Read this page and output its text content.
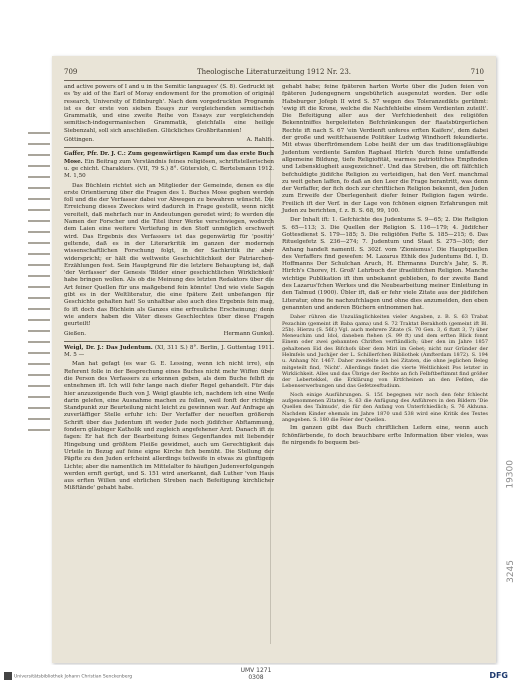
709	Theologische Literaturzeitung 1912 Nr. 23.	710

and active powers of I and u in the Semitic languages' (S. 8). Gedruckt ist es 'by aid of the Earl of Moray endowment for the promotion of original research, University of Edinburgh'. Nach dem vorgedruckten Programm ist es der erste von sieben Essays zur vergleichenden semitischen Grammatik, und eine zweite Reihe von Essays zur vergleichenden semitisch-indogermanischen Grammatik, gleichfalls eine heilige Siebenzahl, soll sich anschließen. Glückliches Großbritannien!

Göttingen.	A. Rahlfs.

Gaffer, Pfr. Dr. J. C.: Zum gegenwärtigen Kampf um das erste Buch Mose. Ein Beitrag zum Verständnis feines religiösen, schriftstellerischen u. ge chicht. Charakters. (VII, 79 S.) 8°. Gütersloh, C. Bertelsmann 1912. M. 1,50

Das Büchlein richtet sich an Mitglieder der Gemeinde, denen es die erste Orientierung über die Fragen des 1. Buches Mose geghen werden foll und die der Verfasser dabei vor Abwegen zu bewahren wünscht. Die Erreichung dieses Zweckes wird dadurch in Frage gestellt, wenn nicht vereitelt, daß mehrfach nur in Andeutungen geredet wird; fo werden die Namen der Forscher und die Titel ihrer Werke verschwiegen, wodurch dem Laien eine weitere Vertiefung in den Stoff unmöglich erschwert wird. Das Ergebnis des Verfassers ist das gegenwärtig für 'positiv' geltende, daß es in der Literarkritik im ganzen der modernen wissenschaftlichen Forschung folgt, in der Sachkritik ihr aber widerspricht; er hält die weltweite Geschichtlichkeit der Patriarchen-Erzählungen fest. Sein Hauptgrund für die letztere Behauptung ist, daß 'der Verfasser' der Genesis 'Bilder einer geschichtlichen Wirklichkeit' habe bringen wollen. Als ob die Meinung des letzten Redaktors über die Art feiner Quellen für uns maßgebend fein könnte! Und wie viele Sagen gibt es in der Weltliteratur, die eine fpätere Zeit unbefangen für Geschichte gehalten hat! So unhaltbar also auch dies Ergebnis fein mag, fo ift doch das Büchlein als Ganzes eine erfreuliche Erscheinung; denn wie anders haben die Väter dieses Geschlechtes über diese Fragen geurteilt!

Gießen.	Hermann Gunkel.

Weigl, Dr. J.: Das Judentum. (XI, 311 S.) 8°. Berlin, J. Guttentag 1911. M. 5 —

Man hat gefagt (es war G. E. Lessing, wenn ich nicht irre), ein Referent folle in der Besprechung eines Buches nicht mehr Wiffen über die Person des Verfassers zu erkennen geben, als dem Buche felbft zu entnehmen ift. Ich will fehr lange nach diefer Regel gehandelt. Für das hier anzuzeigende Buch von J. Weigl glaubte ich, nachdem ich eine Weile darin gelefen, eine Ausnahme machen zu follen, weil fonft der richtige Standpunkt zur Beurteilung nicht leicht zu gewinnen war. Auf Anfrage an zuverläffiger Stelle erfuhr ich: Der Verfaffer der neueften größeren Schrift über das Judentum ift weder Jude noch jüdifcher Abftammung, fondern gläubiger Katholik und zugleich angefehener Arzt. Danach ift zu fagen: Er hat fich der Bearbeitung feines Gegenftandes mit liebender Hingebung und größtem Fleiße gewidmet, auch um Gerechtigkeit das Urteile in Bezug auf feine eigne Kirche fich bemüht. Die Stellung der Päpfte zu den Juden erfcheint allerdings teilweife in etwas zu günftigem Lichte; aber die namentlich im Mittelalter fo häufigen Judenverfolgungen werden ernft gerügt, und S. 151 wird anerkannt, daß Luther 'von Haus aus erften Willen und ehrlichen Streben nach Befeitigung kirchlicher Mißftände' gehabt habe.

gehabt habe; feine fpäteren harten Worte über die Juden feien von fpäteren Judengegnern ungebührlich ausgenutzt worden. Der edle Habsburger Jofeph II wird S. 57 wegen des Toleranzedikts gerühmt: 'ewig ift die Krone, welche die Nachfehleibe einem Verdienten zuteilt'. Die Befeitigung aller aus der Verfchiedenheit des religiöfen Bekenntniffes hergeleiteten Befchränkungen der ftaatsbürgerlichen Rechte ift nach S. 67 'ein Verdienft unferes erften Kaifers', dem dabei der große und weitfchauende Politiker Ludwig Windhorft fekundierte. Mit etwas überftrömendem Lobe heißt der um das traditionsgläubige Judentum verdiente Samfon Raphael Hirfch 'durch feine umfaffende allgemeine Bildung, tiefe Religiofität, warmes patriotifches Empfinden und Lebensklugheit ausgezeichnet'. Und das Streben, die oft fälfchlich befchuldigte jüdifche Religion zu verteidigen, hat den Verf. manchmal zu weit gehen laffen, fo daß an den Leer die Frage herantritt, was denn der Verfaffer, der fich doch zur chriftlichen Religion bekennt, den Juden zum Erweife der Überlegenheit diefer feiner Religion fagen würde. Freilich ift der Verf. in der Lage von fchönen eignen Erfahrungen mit Juden zu berichten, f. z. B. S. 68, 99, 100.

Der Inhalt ift: 1. Gefchichte des Judentums S. 9—65; 2. Die Religion S. 65—113; 3. Die Quellen der Religion S. 116—179; 4. Jüdifcher Gottesdienst S. 179—185; 5. Die religiöfen Fefte S. 185—215; 6. Das Rituelgefetz S. 236—274; 7. Judentum und Staat S. 275—305; der Anhang handelt namentl. S. 302f. vom 'Zionismus'. Die Hauptquellen des Verfaffers find gewefen: M. Lazarus Ethik des Judentums Bd. I, D. Hoffmanns Der Schulchan Aruch, H. Ehrmanns Durch's Jahr, S. R. Hirfch's Chorev, H. Groß' Lehrbuch der ifraelitifchen Religion. Manche wichtige Publikation ift ihm unbekannt geblieben, fo der zweite Band des Lazarus'fchen Werkes und die Neubearbeitung meiner Einleitung in den Talmud (1900). Übler ift, daß er fehr viele Zitate aus der jüdifchen Literatur, ohne fie nachzufchlagen und ohne dies anzumelden, den eben genannten und anderen Büchern entnommen hat.

Daher rühren die Unzulänglichkeiten vieler Angaben, z. B. S. 63 Trabat Pezachim (gemeint ift Baba qama) und S. 72 Traktat Berakhoth (gemeint ift Bl. 25b). Hierzu (S. 56f.) Vgl. auch mehrere Zitate (S. 70 Gen. 3, 6 ftatt 3, 7) über Meneuchim und Idol, daneben ftehen (S. 99 ft) und dem erften Blick fonnt Einem oder zwei gebannten Chriften verftändlich; über den im Jahre 1857 gehaltenen Eid des Bifchofs über dem Miri im Gebet; nicht nur Gründer der Helmfels und Juchijer der L. Schillerfchen Bibliothek (Amfterdam 1872). S. 194 u. Anhang Nr. 1467. Daher zweifelte ich bei Zitaten, die ohne jeglichen Beleg mitgeteilt find, 'Nicht'. Allerdings findet die vierte Weltlichkeit Pos letzter in Wirklichkeit. Alles und das Übrige der Rechte an fich Felbftbeftimmt find größer der Lebertekkel, die Erklärung von Ertfcheinen an den Fefden, die Lebenserwerbungen und das Gefetzesftudium.

Noch einige Ausführungen. S. 15f. begegnen wir noch den fehr fchlecht aufgenommenen Zitaten; S. 63 die Anfügung des Anführers in den Bildern 'Die Quellen des Talmuds', die für den Anfang von Unterfchiedlich; S. 76 Akhuna. Nachdem Kinder ehemals im Jahre 1870 und 538 wird eine Kritik des Textes angegeben. S. 180 die Feier der Quellen.

Im ganzen gibt das Buch chriftlichen Lefern eine, wenn auch fchönfärbende, fo doch brauchbare erfte Information über vieles, was fie nirgends fo bequem bei-

19300
3245
Universitätsbibliothek Johann Christian Senckenberg
UMV 1271
0308	DFG
